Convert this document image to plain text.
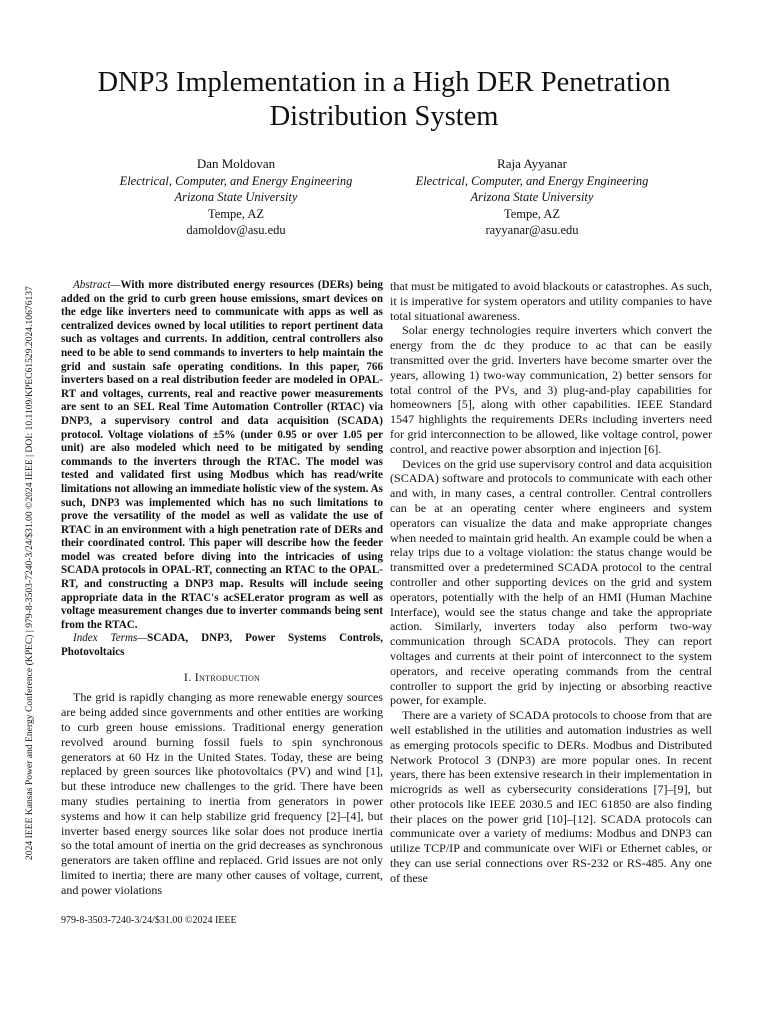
DNP3 Implementation in a High DER Penetration Distribution System
Dan Moldovan
Electrical, Computer, and Energy Engineering
Arizona State University
Tempe, AZ
damoldov@asu.edu
Raja Ayyanar
Electrical, Computer, and Energy Engineering
Arizona State University
Tempe, AZ
rayyanar@asu.edu
2024 IEEE Kansas Power and Energy Conference (KPEC) | 979-8-3503-7240-3/24/$31.00 ©2024 IEEE | DOI: 10.1109/KPEC61529.2024.10676137

Abstract—With more distributed energy resources (DERs) being added on the grid to curb green house emissions, smart devices on the edge like inverters need to communicate with apps as well as centralized devices owned by local utilities to report pertinent data such as voltages and currents. In addition, central controllers also need to be able to send commands to inverters to help maintain the grid and sustain safe operating conditions. In this paper, 766 inverters based on a real distribution feeder are modeled in OPAL-RT and voltages, currents, real and reactive power measurements are sent to an SEL Real Time Automation Controller (RTAC) via DNP3, a supervisory control and data acquisition (SCADA) protocol. Voltage violations of ±5% (under 0.95 or over 1.05 per unit) are also modeled which need to be mitigated by sending commands to the inverters through the RTAC. The model was tested and validated first using Modbus which has read/write limitations not allowing an immediate holistic view of the system. As such, DNP3 was implemented which has no such limitations to prove the versatility of the model as well as validate the use of RTAC in an environment with a high penetration rate of DERs and their coordinated control. This paper will describe how the feeder model was created before diving into the intricacies of using SCADA protocols in OPAL-RT, connecting an RTAC to the OPAL-RT, and constructing a DNP3 map. Results will include seeing appropriate data in the RTAC's acSELerator program as well as voltage measurement changes due to inverter commands being sent from the RTAC.

Index Terms—SCADA, DNP3, Power Systems Controls, Photovoltaics

I. Introduction

The grid is rapidly changing as more renewable energy sources are being added since governments and other entities are working to curb green house emissions. Traditional energy generation revolved around burning fossil fuels to spin synchronous generators at 60 Hz in the United States. Today, these are being replaced by green sources like photovoltaics (PV) and wind [1], but these introduce new challenges to the grid. There have been many studies pertaining to inertia from generators in power systems and how it can help stabilize grid frequency [2]–[4], but inverter based energy sources like solar does not produce inertia so the total amount of inertia on the grid decreases as synchronous generators are taken offline and replaced. Grid issues are not only limited to inertia; there are many other causes of voltage, current, and power violations

that must be mitigated to avoid blackouts or catastrophes. As such, it is imperative for system operators and utility companies to have total situational awareness.

Solar energy technologies require inverters which convert the energy from the dc they produce to ac that can be easily transmitted over the grid. Inverters have become smarter over the years, allowing 1) two-way communication, 2) better sensors for total control of the PVs, and 3) plug-and-play capabilities for homeowners [5], along with other capabilities. IEEE Standard 1547 highlights the requirements DERs including inverters need for grid interconnection to be allowed, like voltage control, power control, and reactive power absorption and injection [6].

Devices on the grid use supervisory control and data acquisition (SCADA) software and protocols to communicate with each other and with, in many cases, a central controller. Central controllers can be at an operating center where engineers and system operators can visualize the data and make appropriate changes when needed to maintain grid health. An example could be when a relay trips due to a voltage violation: the status change would be transmitted over a predetermined SCADA protocol to the central controller and other supporting devices on the grid and system operators, potentially with the help of an HMI (Human Machine Interface), would see the status change and take the appropriate action. Similarly, inverters today also perform two-way communication through SCADA protocols. They can report voltages and currents at their point of interconnect to the system operators, and receive operating commands from the central controller to support the grid by injecting or absorbing reactive power, for example.

There are a variety of SCADA protocols to choose from that are well established in the utilities and automation industries as well as emerging protocols specific to DERs. Modbus and Distributed Network Protocol 3 (DNP3) are more popular ones. In recent years, there has been extensive research in their implementation in microgrids as well as cybersecurity considerations [7]–[9], but other protocols like IEEE 2030.5 and IEC 61850 are also finding their places on the power grid [10]–[12]. SCADA protocols can communicate over a variety of mediums: Modbus and DNP3 can utilize TCP/IP and communicate over WiFi or Ethernet cables, or they can use serial connections over RS-232 or RS-485. Any one of these

979-8-3503-7240-3/24/$31.00 ©2024 IEEE
